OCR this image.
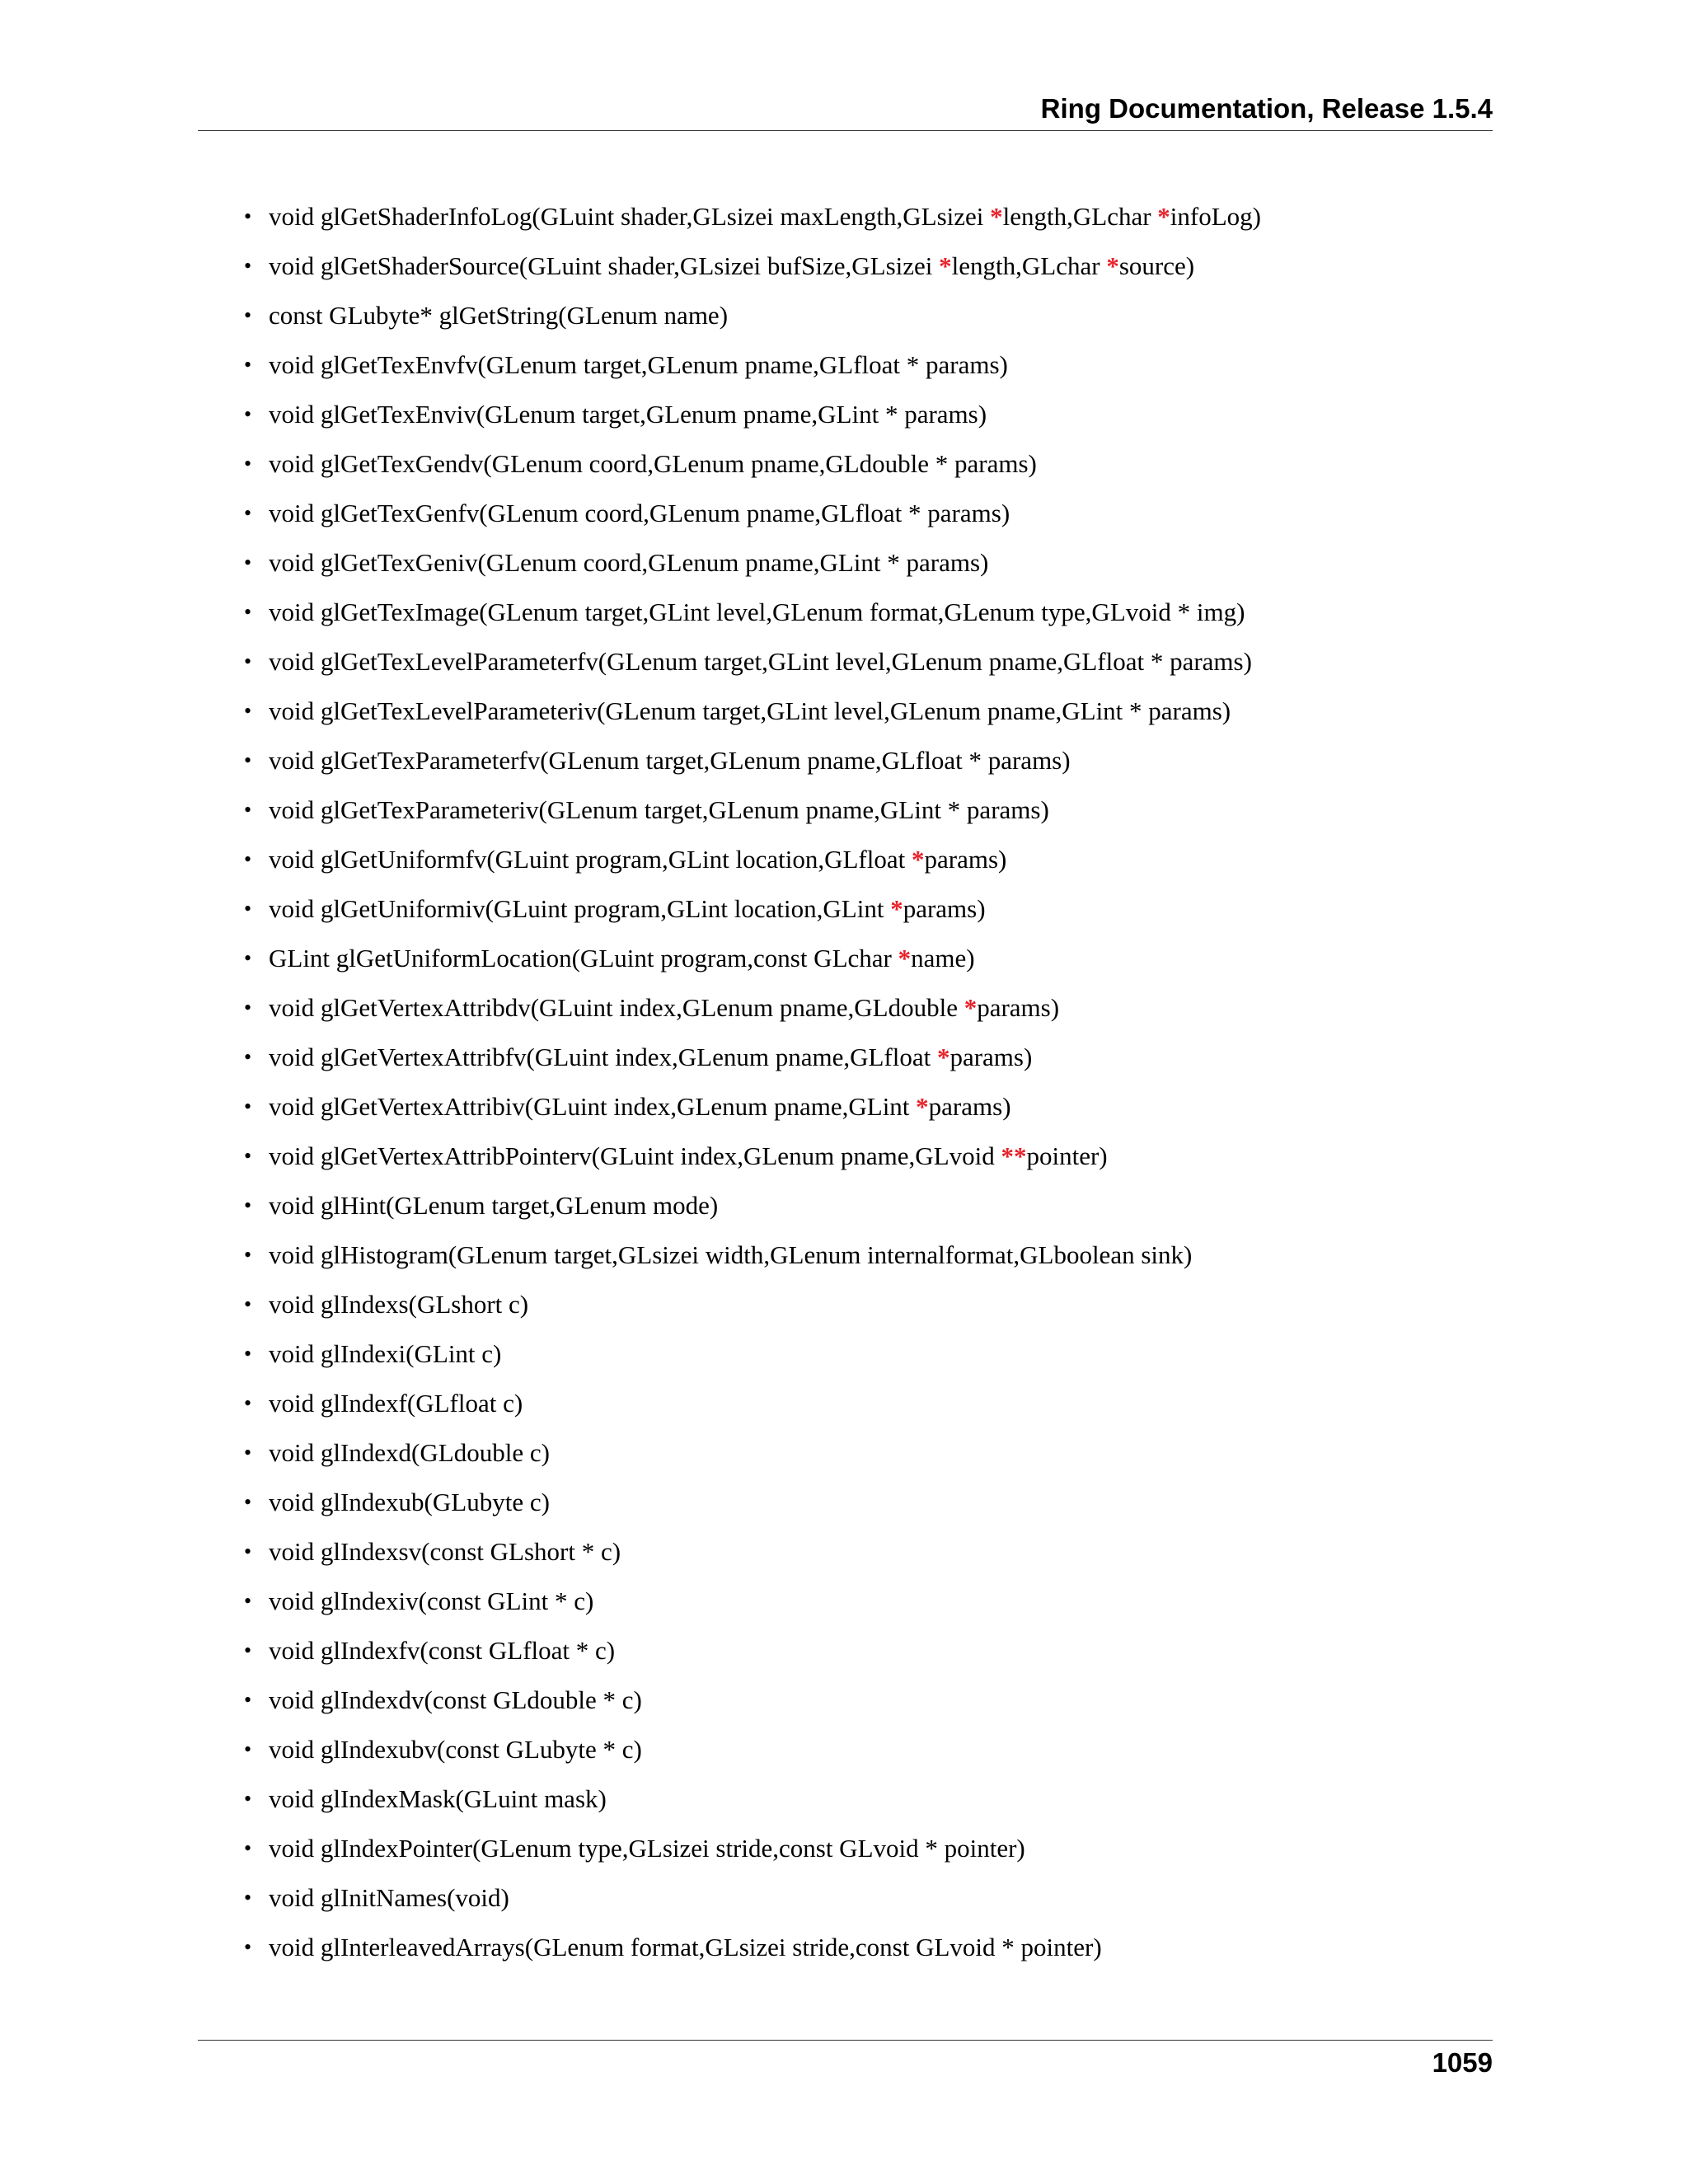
Ring Documentation, Release 1.5.4
• void glGetShaderInfoLog(GLuint shader,GLsizei maxLength,GLsizei *length,GLchar *infoLog)
• void glGetShaderSource(GLuint shader,GLsizei bufSize,GLsizei *length,GLchar *source)
• const GLubyte* glGetString(GLenum name)
• void glGetTexEnvfv(GLenum target,GLenum pname,GLfloat * params)
• void glGetTexEnviv(GLenum target,GLenum pname,GLint * params)
• void glGetTexGendv(GLenum coord,GLenum pname,GLdouble * params)
• void glGetTexGenfv(GLenum coord,GLenum pname,GLfloat * params)
• void glGetTexGeniv(GLenum coord,GLenum pname,GLint * params)
• void glGetTexImage(GLenum target,GLint level,GLenum format,GLenum type,GLvoid * img)
• void glGetTexLevelParameterfv(GLenum target,GLint level,GLenum pname,GLfloat * params)
• void glGetTexLevelParameteriv(GLenum target,GLint level,GLenum pname,GLint * params)
• void glGetTexParameterfv(GLenum target,GLenum pname,GLfloat * params)
• void glGetTexParameteriv(GLenum target,GLenum pname,GLint * params)
• void glGetUniformfv(GLuint program,GLint location,GLfloat *params)
• void glGetUniformiv(GLuint program,GLint location,GLint *params)
• GLint glGetUniformLocation(GLuint program,const GLchar *name)
• void glGetVertexAttribdv(GLuint index,GLenum pname,GLdouble *params)
• void glGetVertexAttribfv(GLuint index,GLenum pname,GLfloat *params)
• void glGetVertexAttribiv(GLuint index,GLenum pname,GLint *params)
• void glGetVertexAttribPointerv(GLuint index,GLenum pname,GLvoid **pointer)
• void glHint(GLenum target,GLenum mode)
• void glHistogram(GLenum target,GLsizei width,GLenum internalformat,GLboolean sink)
• void glIndexs(GLshort c)
• void glIndexi(GLint c)
• void glIndexf(GLfloat c)
• void glIndexd(GLdouble c)
• void glIndexub(GLubyte c)
• void glIndexsv(const GLshort * c)
• void glIndexiv(const GLint * c)
• void glIndexfv(const GLfloat * c)
• void glIndexdv(const GLdouble * c)
• void glIndexubv(const GLubyte * c)
• void glIndexMask(GLuint mask)
• void glIndexPointer(GLenum type,GLsizei stride,const GLvoid * pointer)
• void glInitNames(void)
• void glInterleavedArrays(GLenum format,GLsizei stride,const GLvoid * pointer)
1059
